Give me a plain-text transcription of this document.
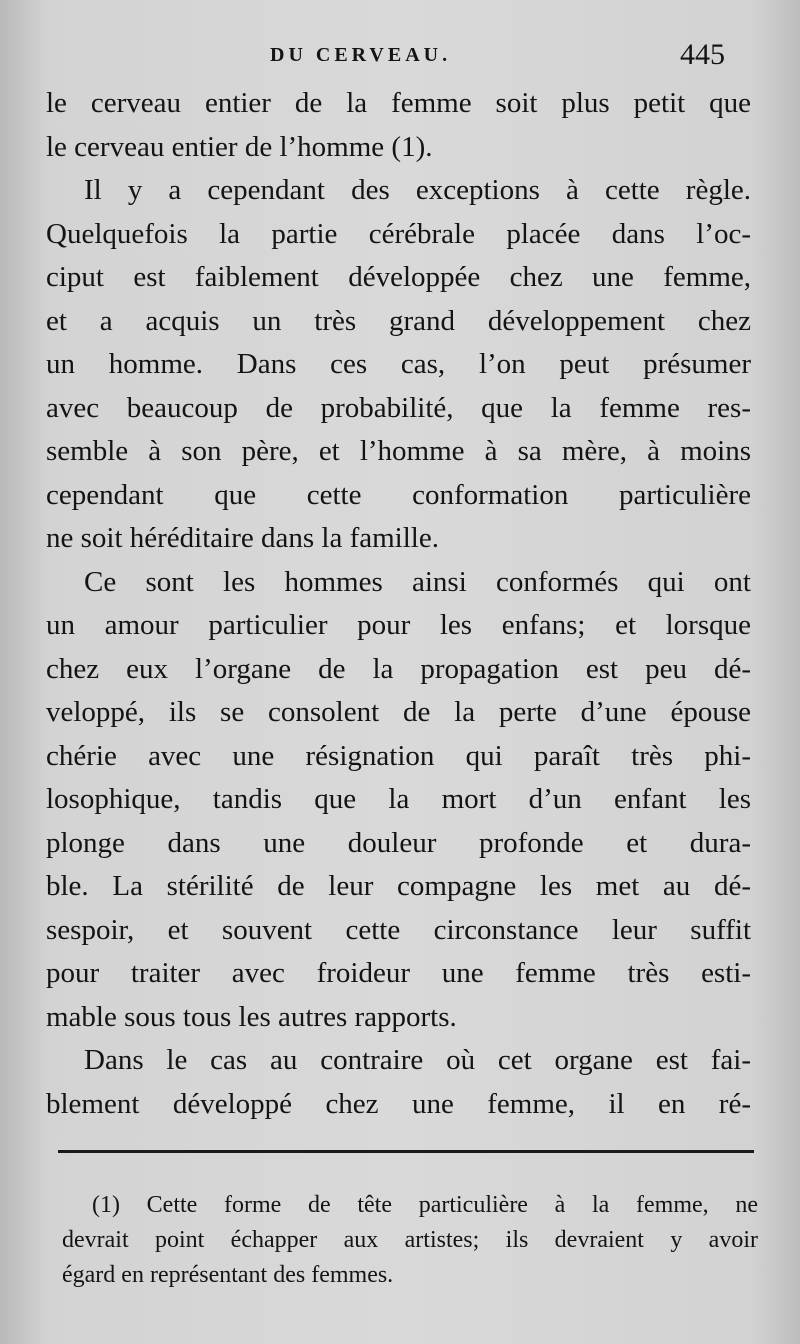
DU CERVEAU.	445
le cerveau entier de la femme soit plus petit que
le cerveau entier de l’homme (1).
Il y a cependant des exceptions à cette règle.
Quelquefois la partie cérébrale placée dans l’oc-
ciput est faiblement développée chez une femme,
et a acquis un très grand développement chez
un homme. Dans ces cas, l’on peut présumer
avec beaucoup de probabilité, que la femme res-
semble à son père, et l’homme à sa mère, à moins
cependant que cette conformation particulière
ne soit héréditaire dans la famille.
Ce sont les hommes ainsi conformés qui ont
un amour particulier pour les enfans; et lorsque
chez eux l’organe de la propagation est peu dé-
veloppé, ils se consolent de la perte d’une épouse
chérie avec une résignation qui paraît très phi-
losophique, tandis que la mort d’un enfant les
plonge dans une douleur profonde et dura-
ble. La stérilité de leur compagne les met au dé-
sespoir, et souvent cette circonstance leur suffit
pour traiter avec froideur une femme très esti-
mable sous tous les autres rapports.
Dans le cas au contraire où cet organe est fai-
blement développé chez une femme, il en ré-
(1) Cette forme de tête particulière à la femme, ne
devrait point échapper aux artistes; ils devraient y avoir
égard en représentant des femmes.
